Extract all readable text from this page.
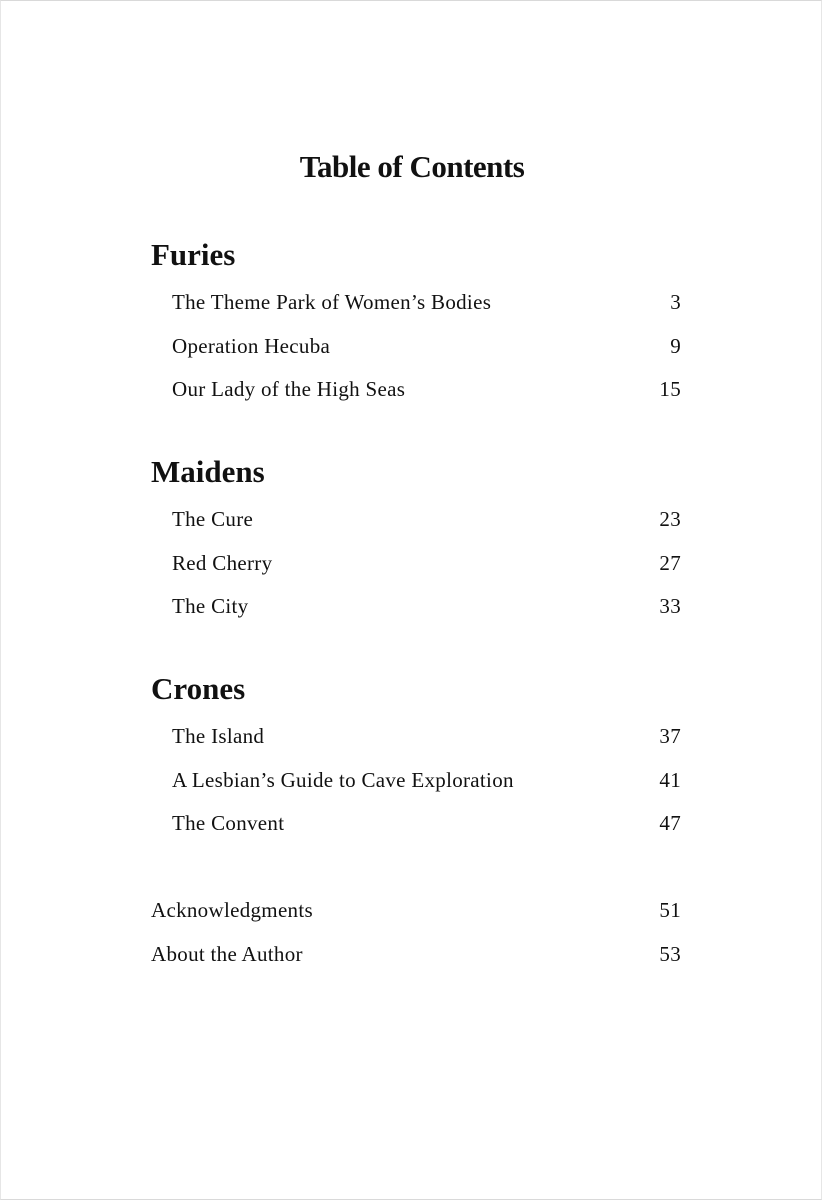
Table of Contents
Furies
The Theme Park of Women’s Bodies	3
Operation Hecuba	9
Our Lady of the High Seas	15
Maidens
The Cure	23
Red Cherry	27
The City	33
Crones
The Island	37
A Lesbian’s Guide to Cave Exploration	41
The Convent	47
Acknowledgments	51
About the Author	53
